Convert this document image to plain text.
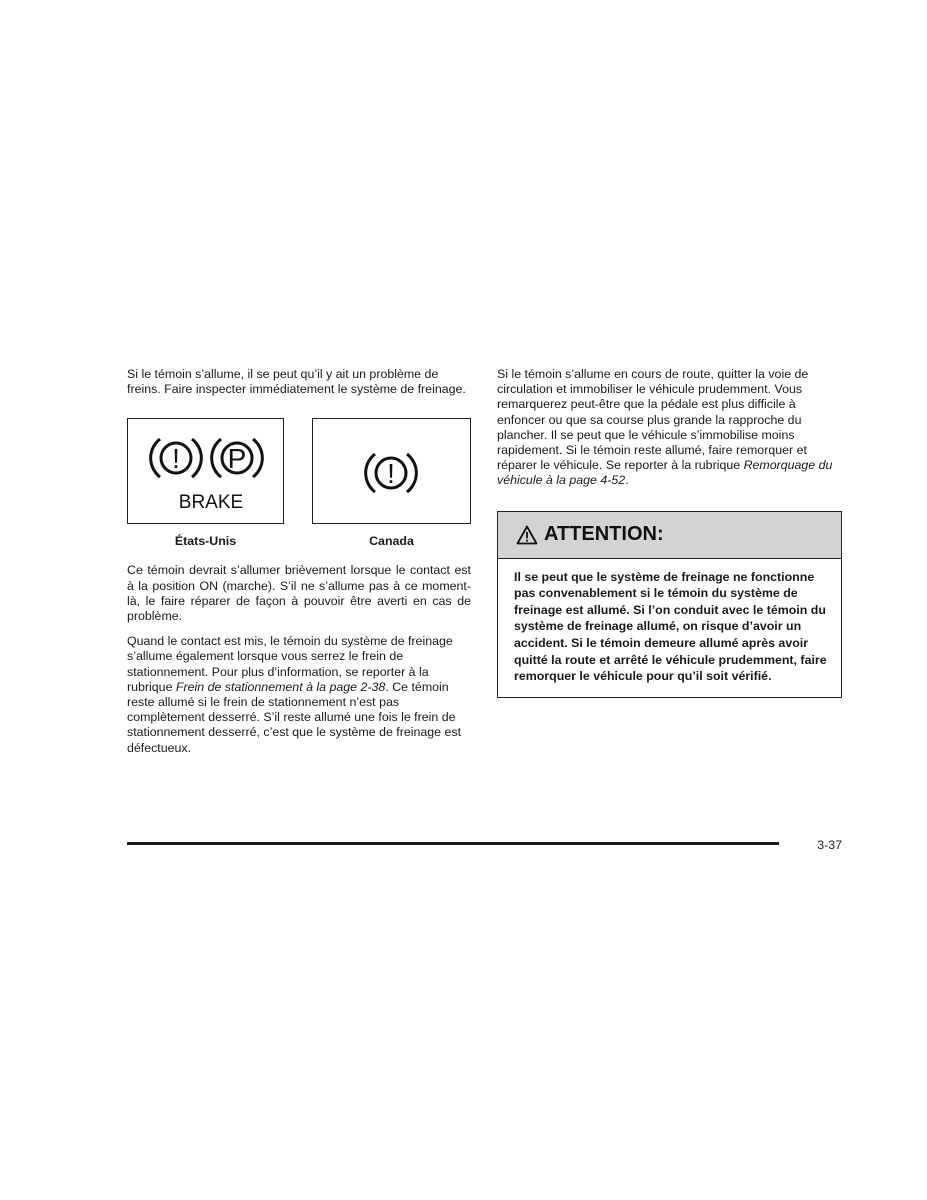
Si le témoin s’allume, il se peut qu’il y ait un problème de freins. Faire inspecter immédiatement le système de freinage.

! P
BRAKE
!
États-Unis	Canada

Ce témoin devrait s’allumer brièvement lorsque le contact est à la position ON (marche). S’il ne s’allume pas à ce moment-là, le faire réparer de façon à pouvoir être averti en cas de problème.

Quand le contact est mis, le témoin du système de freinage s’allume également lorsque vous serrez le frein de stationnement. Pour plus d’information, se reporter à la rubrique Frein de stationnement à la page 2-38. Ce témoin reste allumé si le frein de stationnement n’est pas complètement desserré. S’il reste allumé une fois le frein de stationnement desserré, c’est que le système de freinage est défectueux.

Si le témoin s’allume en cours de route, quitter la voie de circulation et immobiliser le véhicule prudemment. Vous remarquerez peut-être que la pédale est plus difficile à enfoncer ou que sa course plus grande la rapproche du plancher. Il se peut que le véhicule s’immobilise moins rapidement. Si le témoin reste allumé, faire remorquer et réparer le véhicule. Se reporter à la rubrique Remorquage du véhicule à la page 4-52.

ATTENTION:
Il se peut que le système de freinage ne fonctionne pas convenablement si le témoin du système de freinage est allumé. Si l’on conduit avec le témoin du système de freinage allumé, on risque d’avoir un accident. Si le témoin demeure allumé après avoir quitté la route et arrêté le véhicule prudemment, faire remorquer le véhicule pour qu’il soit vérifié.
3-37
